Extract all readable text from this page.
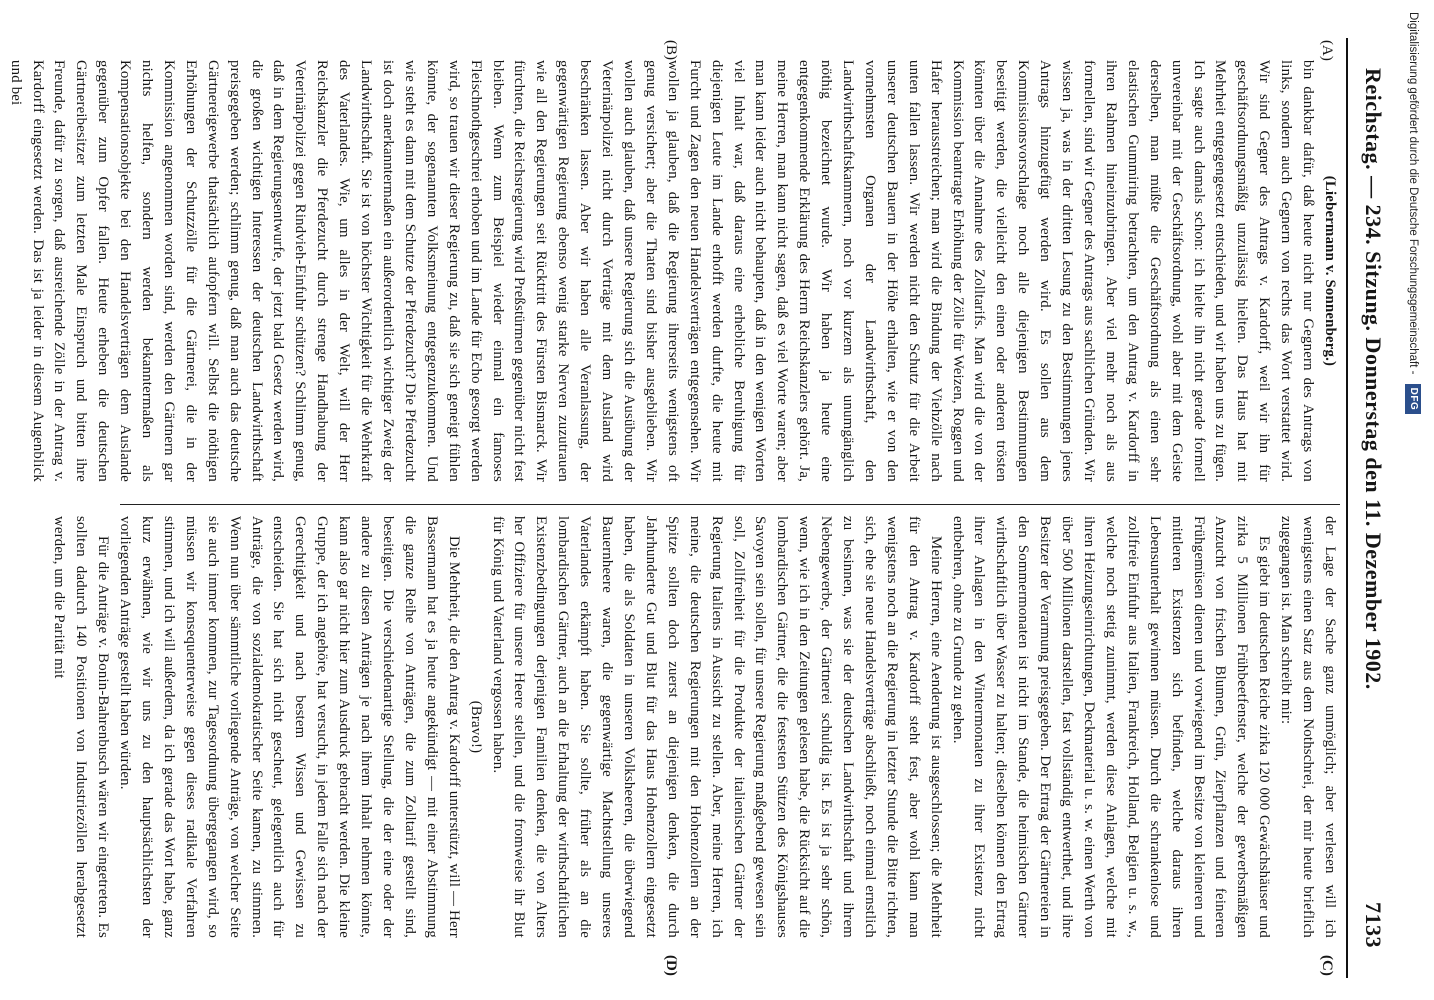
Reichstag. — 234. Sitzung. Donnerstag den 11. Dezember 1902.
7133
(A)
(B)
(C)
(D)

(Liebermann v. Sonnenberg.)

bin dankbar dafür, daß heute nicht nur Gegnern des Antrags von links, sondern auch Gegnern von rechts das Wort verstattet wird. Wir sind Gegner des Antrags v. Kardorff, weil wir ihn für geschäftsordnungsmäßig unzulässig hielten. Das Haus hat mit Mehrheit entgegengesetzt entschieden, und wir haben uns zu fügen. Ich sagte auch damals schon: ich hielte ihn nicht gerade formell unvereinbar mit der Geschäftsordnung, wohl aber mit dem Geiste derselben, man müßte die Geschäftsordnung als einen sehr elastischen Gummiring betrachten, um den Antrag v. Kardorff in ihren Rahmen hineinzubringen. Aber viel mehr noch als aus formellen, sind wir Gegner des Antrags aus sachlichen Gründen. Wir wissen ja, was in der dritten Lesung zu den Bestimmungen jenes Antrags hinzugefügt werden wird. Es sollen aus dem Kommissionsvorschlage noch alle diejenigen Bestimmungen beseitigt werden, die vielleicht den einen oder anderen trösten könnten über die Annahme des Zolltarifs. Man wird die von der Kommission beantragte Erhöhung der Zölle für Weizen, Roggen und Hafer herausstreichen; man wird die Bindung der Viehzölle nach unten fallen lassen. Wir werden nicht den Schutz für die Arbeit unserer deutschen Bauern in der Höhe erhalten, wie er von den vornehmsten Organen der Landwirthschaft, den Landwirthschaftskammern, noch vor kurzem als unumgänglich nöthig bezeichnet wurde. Wir haben ja heute eine entgegenkommende Erklärung des Herrn Reichskanzlers gehört. Ja, meine Herren, man kann nicht sagen, daß es viel Worte waren; aber man kann leider auch nicht behaupten, daß in den wenigen Worten viel Inhalt war, daß daraus eine erhebliche Beruhigung für diejenigen Leute im Lande erhofft werden durfte, die heute mit Furcht und Zagen den neuen Handelsverträgen entgegensehen. Wir wollen ja glauben, daß die Regierung ihrerseits wenigstens oft genug versichert; aber die Thaten sind bisher ausgeblieben. Wir wollen auch glauben, daß unsere Regierung sich die Ausübung der Veterinärpolizei nicht durch Verträge mit dem Ausland wird beschränken lassen. Aber wir haben alle Veranlassung, der gegenwärtigen Regierung ebenso wenig starke Nerven zuzutrauen wie all den Regierungen seit Rücktritt des Fürsten Bismarck. Wir fürchten, die Reichsregierung wird Preßstürmen gegenüber nicht fest bleiben. Wenn zum Beispiel wieder einmal ein famoses Fleischnothgeschrei erhoben und im Lande für Echo gesorgt werden wird, so trauen wir dieser Regierung zu, daß sie sich geneigt fühlen könnte, der sogenannten Volksmeinung entgegenzukommen. Und wie steht es dann mit dem Schutze der Pferdezucht? Die Pferdezucht ist doch anerkanntermaßen ein außerordentlich wichtiger Zweig der Landwirthschaft. Sie ist von höchster Wichtigkeit für die Wehrkraft des Vaterlandes. Wie, um alles in der Welt, will der Herr Reichskanzler die Pferdezucht durch strenge Handhabung der Veterinärpolizei gegen Rindvieh-Einfuhr schützen? Schlimm genug, daß in dem Regierungsentwurfe, der jetzt bald Gesetz werden wird, die großen wichtigen Interessen der deutschen Landwirthschaft preisgegeben werden; schlimm genug, daß man auch das deutsche Gärtnereigewerbe thatsächlich aufopfern will. Selbst die nöthigen Erhöhungen der Schutzzölle für die Gärtnerei, die in der Kommission angenommen worden sind, werden den Gärtnern gar nichts helfen, sondern werden bekanntermaßen als Kompensationsobjekte bei den Handelsverträgen dem Auslande gegenüber zum Opfer fallen. Heute erheben die deutschen Gärtnereibesitzer zum letzten Male Einspruch und bitten ihre Freunde, dafür zu sorgen, daß ausreichende Zölle in der Antrag v. Kardorff eingesetzt werden. Das ist ja leider in diesem Augenblick und bei

der Lage der Sache ganz unmöglich; aber verlesen will ich wenigstens einen Satz aus dem Nothschrei, der mir heute brieflich zugegangen ist. Man schreibt mir:

Es giebt im deutschen Reiche zirka 120 000 Gewächshäuser und zirka 5 Millionen Frühbeetfenster, welche der gewerbsmäßigen Anzucht von frischen Blumen, Grün, Zierpflanzen und feineren Frühgemüsen dienen und vorwiegend im Besitze von kleineren und mittleren Existenzen sich befinden, welche daraus ihren Lebensunterhalt gewinnen müssen. Durch die schrankenlose und zollfreie Einfuhr aus Italien, Frankreich, Holland, Belgien u. s. w., welche noch stetig zunimmt, werden diese Anlagen, welche mit ihren Heizungseinrichtungen, Deckmaterial u. s. w. einen Werth von über 500 Millionen darstellen, fast vollständig entwerthet, und ihre Besitzer der Verarmung preisgegeben. Der Ertrag der Gärtnereien in den Sommermonaten ist nicht im Stande, die heimischen Gärtner wirthschaftlich über Wasser zu halten; dieselben können den Ertrag ihrer Anlagen in den Wintermonaten zu ihrer Existenz nicht entbehren, ohne zu Grunde zu gehen.

Meine Herren, eine Aenderung ist ausgeschlossen; die Mehrheit für den Antrag v. Kardorff steht fest, aber wohl kann man wenigstens noch an die Regierung in letzter Stunde die Bitte richten, sich, ehe sie neue Handelsverträge abschließt, noch einmal ernstlich zu besinnen, was sie der deutschen Landwirthschaft und ihrem Nebengewerbe, der Gärtnerei schuldig ist. Es ist ja sehr schön, wenn, wie ich in den Zeitungen gelesen habe, die Rücksicht auf die lombardischen Gärtner, die die festesten Stützen des Königshauses Savoyen sein sollen, für unsere Regierung maßgebend gewesen sein soll, Zollfreiheit für die Produkte der italienischen Gärtner der Regierung Italiens in Aussicht zu stellen. Aber, meine Herren, ich meine, die deutschen Regierungen mit den Hohenzollern an der Spitze sollten doch zuerst an diejenigen denken, die durch Jahrhunderte Gut und Blut für das Haus Hohenzollern eingesetzt haben, die als Soldaten in unseren Volksheeren, die überwiegend Bauernheere waren, die gegenwärtige Machtstellung unseres Vaterlandes erkämpft haben. Sie sollte, früher als an die lombardischen Gärtner, auch an die Erhaltung der wirthschaftlichen Existenzbedingungen derjenigen Familien denken, die von Alters her Offiziere für unsere Heere stellen, und die fromweise ihr Blut für König und Vaterland vergossen haben.

(Bravo!)

Die Mehrheit, die den Antrag v. Kardorff unterstützt, will — Herr Bassermann hat es ja heute angekündigt — mit einer Abstimmung die ganze Reihe von Anträgen, die zum Zolltarif gestellt sind, beseitigen. Die verschiedenartige Stellung, die der eine oder der andere zu diesen Anträgen je nach ihrem Inhalt nehmen könnte, kann also gar nicht hier zum Ausdruck gebracht werden. Die kleine Gruppe, der ich angehöre, hat versucht, in jedem Falle sich nach der Gerechtigkeit und nach bestem Wissen und Gewissen zu entscheiden. Sie hat sich nicht gescheut, gelegentlich auch für Anträge, die von sozialdemokratischer Seite kamen, zu stimmen. Wenn nun über sämmtliche vorliegende Anträge, von welcher Seite sie auch immer kommen, zur Tagesordnung übergegangen wird, so müssen wir konsequenterweise gegen dieses radikale Verfahren stimmen, und ich will außerdem, da ich gerade das Wort habe, ganz kurz erwähnen, wie wir uns zu den hauptsächlichsten der vorliegenden Anträge gestellt haben würden.

Für die Anträge v. Bonin-Bahrenbusch wären wir eingetreten. Es sollten dadurch 140 Positionen von Industriezöllen herabgesetzt werden, um die Parität mit

Digitalisierung gefördert durch die Deutsche Forschungsgemeinschaft - DFG
